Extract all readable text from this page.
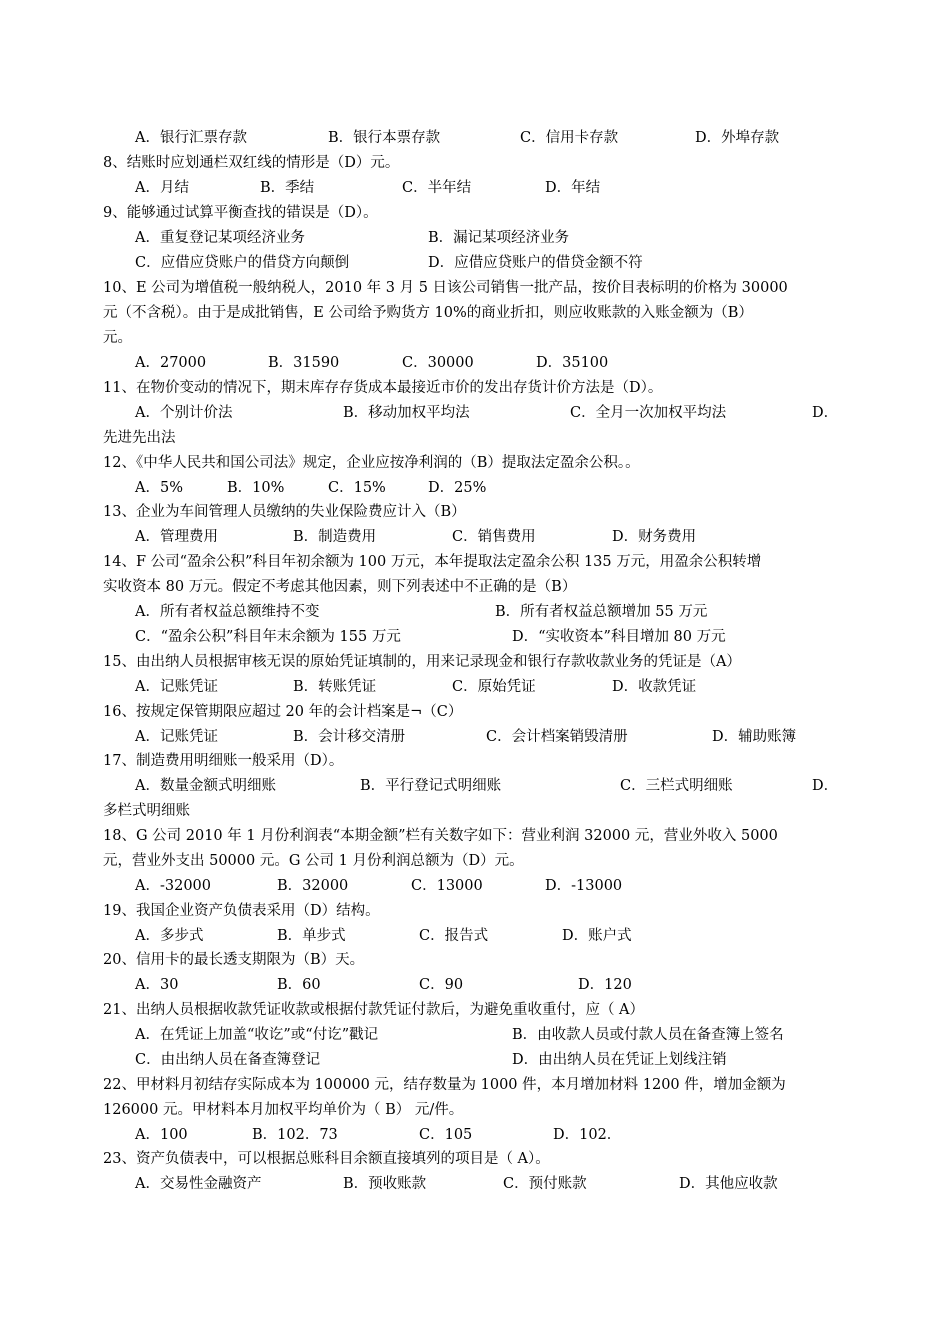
A．银行汇票存款	B．银行本票存款	C．信用卡存款	D．外埠存款
8、结账时应划通栏双红线的情形是（D）元。
A．月结	B．季结	C．半年结	D．年结
9、能够通过试算平衡查找的错误是（D）。
A．重复登记某项经济业务	B．漏记某项经济业务
C．应借应贷账户的借贷方向颠倒	D．应借应贷账户的借贷金额不符
10、E 公司为增值税一般纳税人，2010 年 3 月 5 日该公司销售一批产品，按价目表标明的价格为 30000
元（不含税）。由于是成批销售，E 公司给予购货方 10%的商业折扣，则应收账款的入账金额为（B）
元。
A．27000	B．31590	C．30000	D．35100
11、在物价变动的情况下，期末库存存货成本最接近市价的发出存货计价方法是（D）。
A．个别计价法	B．移动加权平均法	C．全月一次加权平均法	D．
先进先出法
12、《中华人民共和国公司法》规定，企业应按净利润的（B）提取法定盈余公积。。
A．5%	B．10%	C．15%	D．25%
13、企业为车间管理人员缴纳的失业保险费应计入（B）
A．管理费用	B．制造费用	C．销售费用	D．财务费用
14、F 公司“盈余公积”科目年初余额为 100 万元，本年提取法定盈余公积 135 万元，用盈余公积转增
实收资本 80 万元。假定不考虑其他因素，则下列表述中不正确的是（B）
A．所有者权益总额维持不变	B．所有者权益总额增加 55 万元
C．“盈余公积”科目年末余额为 155 万元	D．“实收资本”科目增加 80 万元
15、由出纳人员根据审核无误的原始凭证填制的，用来记录现金和银行存款收款业务的凭证是（A）
A．记账凭证	B．转账凭证	C．原始凭证	D．收款凭证
16、按规定保管期限应超过 20 年的会计档案是¬（C）
A．记账凭证	B．会计移交清册	C．会计档案销毁清册	D．辅助账簿
17、制造费用明细账一般采用（D）。
A．数量金额式明细账	B．平行登记式明细账	C．三栏式明细账	D．
多栏式明细账
18、G 公司 2010 年 1 月份利润表“本期金额”栏有关数字如下：营业利润 32000 元，营业外收入 5000
元，营业外支出 50000 元。G 公司 1 月份利润总额为（D）元。
A．-32000	B．32000	C．13000	D．-13000
19、我国企业资产负债表采用（D）结构。
A．多步式	B．单步式	C．报告式	D．账户式
20、信用卡的最长透支期限为（B）天。
A．30	B．60	C．90	D．120
21、出纳人员根据收款凭证收款或根据付款凭证付款后，为避免重收重付，应（ A）
A．在凭证上加盖“收讫”或“付讫”戳记	B．由收款人员或付款人员在备查簿上签名
C．由出纳人员在备查簿登记	D．由出纳人员在凭证上划线注销
22、甲材料月初结存实际成本为 100000 元，结存数量为 1000 件，本月增加材料 1200 件，增加金额为
126000 元。甲材料本月加权平均单价为（ B） 元/件。
A．100	B．102．73	C．105	D．102．
23、资产负债表中，可以根据总账科目余额直接填列的项目是（ A）。
A．交易性金融资产	B．预收账款	C．预付账款	D．其他应收款
